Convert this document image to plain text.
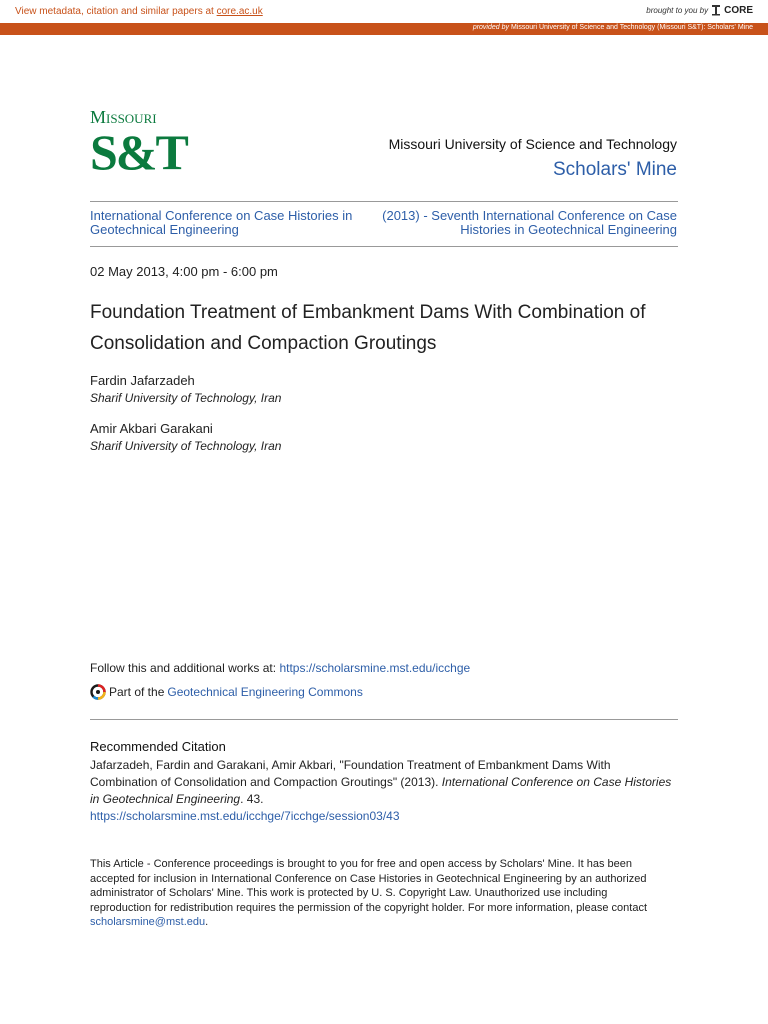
View metadata, citation and similar papers at core.ac.uk	brought to you by CORE
provided by Missouri University of Science and Technology (Missouri S&T): Scholars' Mine
Missouri
S&T	Missouri University of Science and Technology
Scholars' Mine
International Conference on Case Histories in Geotechnical Engineering
(2013) - Seventh International Conference on Case Histories in Geotechnical Engineering
02 May 2013, 4:00 pm - 6:00 pm
Foundation Treatment of Embankment Dams With Combination of Consolidation and Compaction Groutings
Fardin Jafarzadeh
Sharif University of Technology, Iran
Amir Akbari Garakani
Sharif University of Technology, Iran
Follow this and additional works at: https://scholarsmine.mst.edu/icchge
Part of the Geotechnical Engineering Commons
Recommended Citation
Jafarzadeh, Fardin and Garakani, Amir Akbari, "Foundation Treatment of Embankment Dams With Combination of Consolidation and Compaction Groutings" (2013). International Conference on Case Histories in Geotechnical Engineering. 43.
https://scholarsmine.mst.edu/icchge/7icchge/session03/43
This Article - Conference proceedings is brought to you for free and open access by Scholars' Mine. It has been accepted for inclusion in International Conference on Case Histories in Geotechnical Engineering by an authorized administrator of Scholars' Mine. This work is protected by U. S. Copyright Law. Unauthorized use including reproduction for redistribution requires the permission of the copyright holder. For more information, please contact scholarsmine@mst.edu.
